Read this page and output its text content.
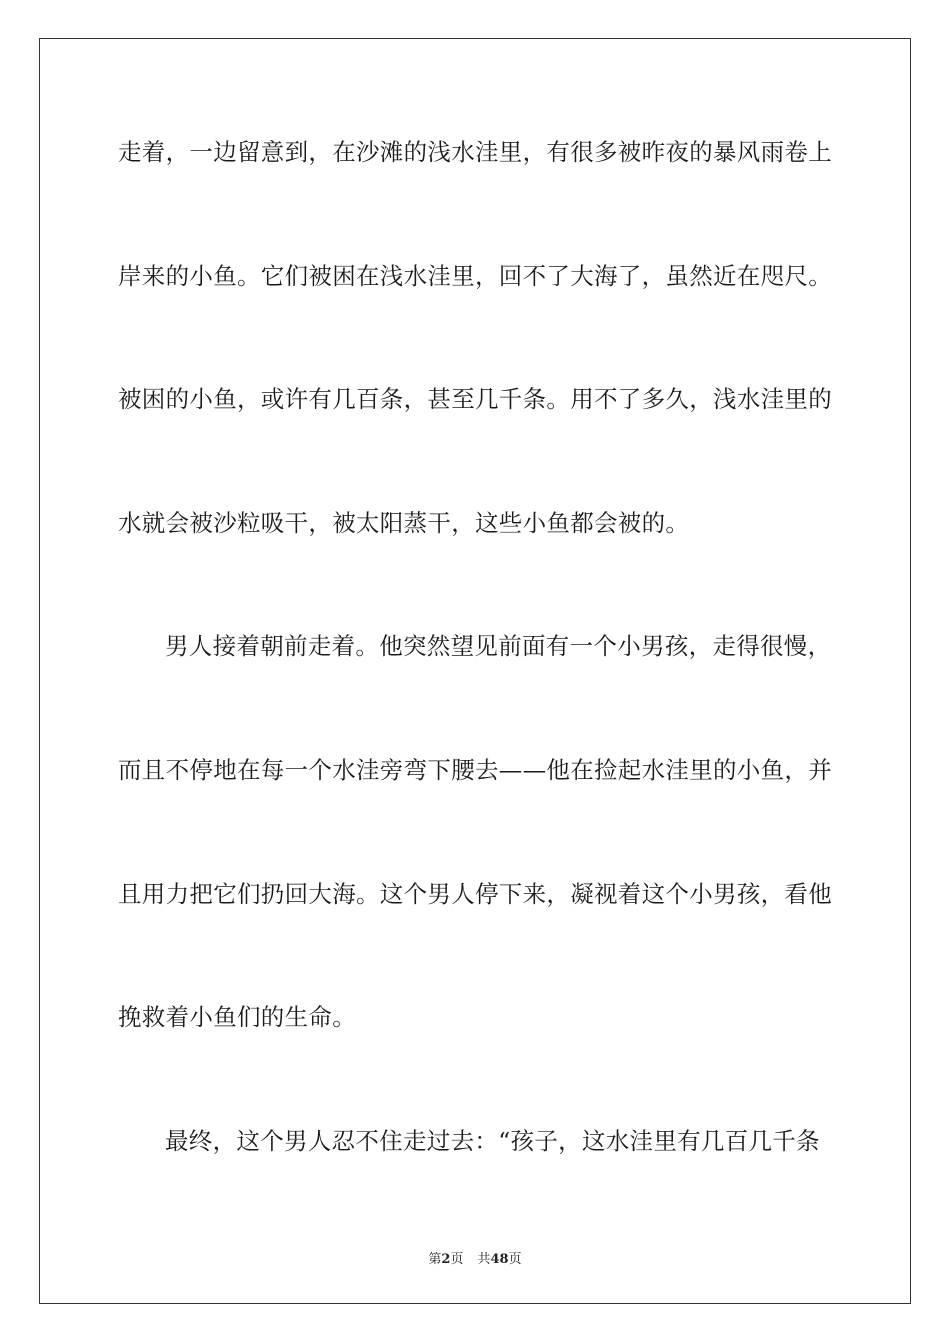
走着，一边留意到，在沙滩的浅水洼里，有很多被昨夜的暴风雨卷上
岸来的小鱼。它们被困在浅水洼里，回不了大海了，虽然近在咫尺。
被困的小鱼，或许有几百条，甚至几千条。用不了多久，浅水洼里的
水就会被沙粒吸干，被太阳蒸干，这些小鱼都会被的。
男人接着朝前走着。他突然望见前面有一个小男孩，走得很慢，
而且不停地在每一个水洼旁弯下腰去——他在捡起水洼里的小鱼，并
且用力把它们扔回大海。这个男人停下来，凝视着这个小男孩，看他
挽救着小鱼们的生命。
最终，这个男人忍不住走过去：“孩子，这水洼里有几百几千条
第2页 共48页
